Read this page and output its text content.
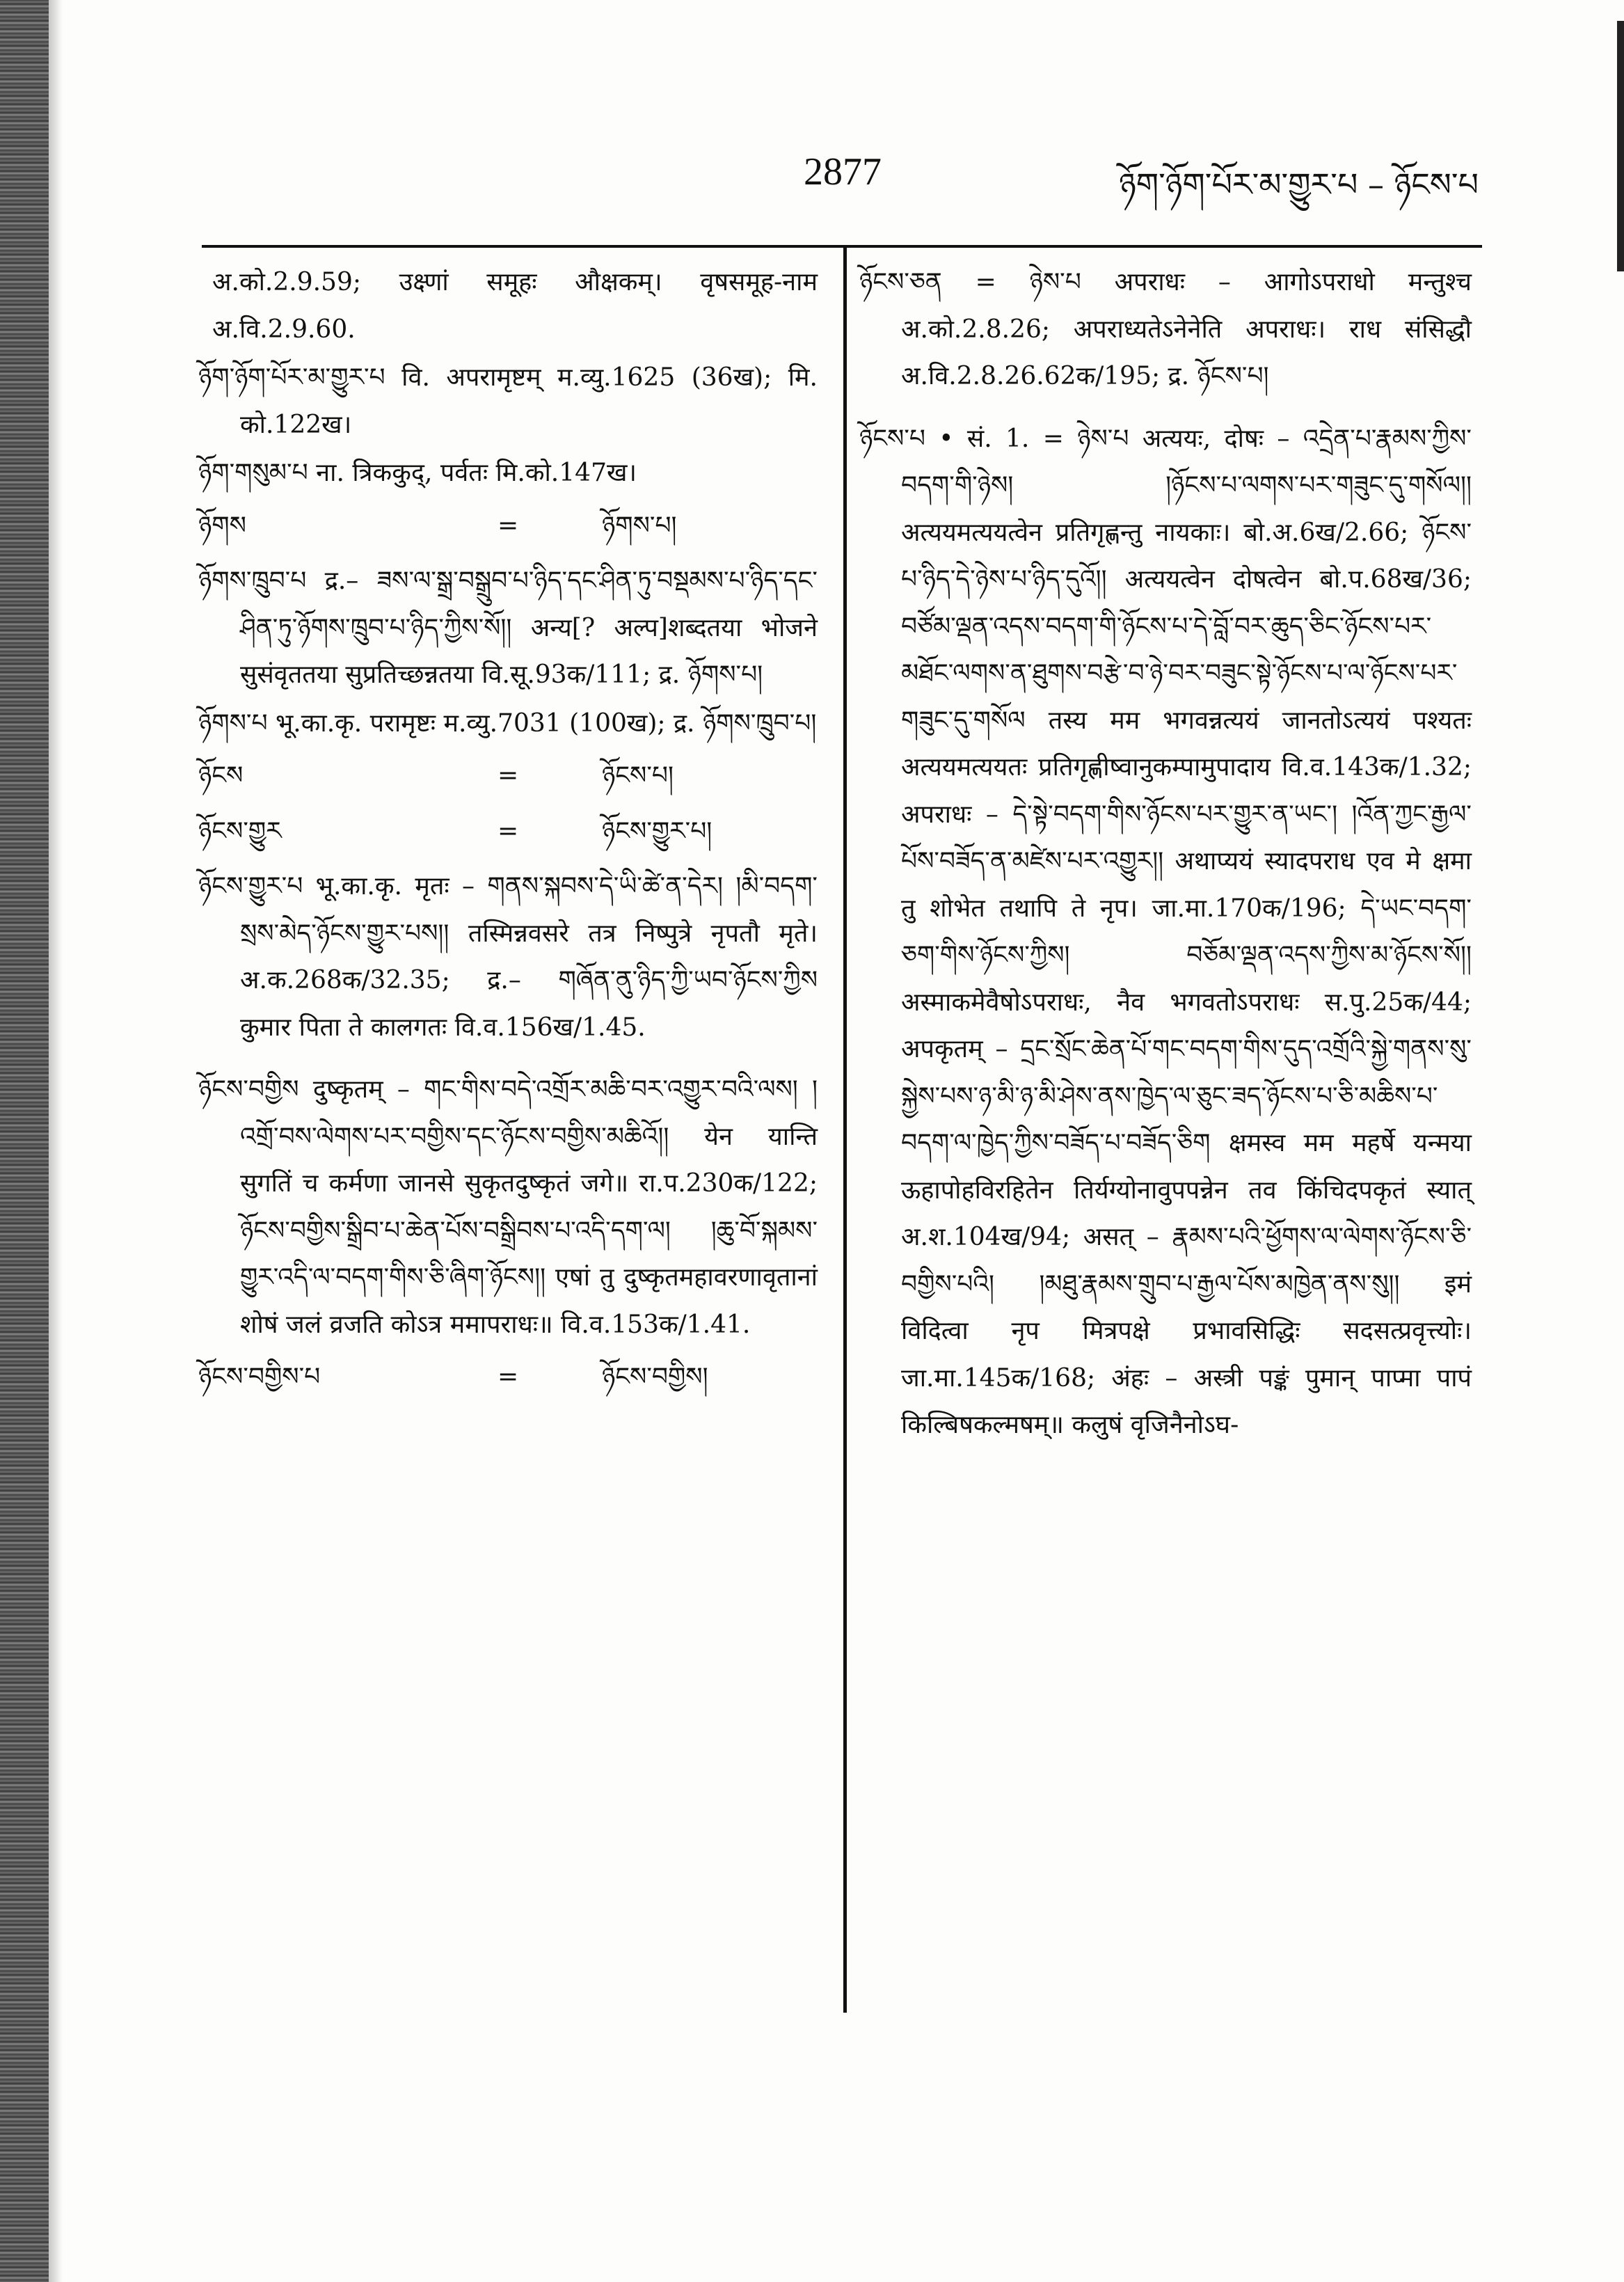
2877	ཉོག་ཉོག་པོར་མ་གྱུར་པ – ཉོངས་པ

अ.को.2.9.59; उक्ष्णां समूहः औक्षकम्। वृषसमूह-नाम अ.वि.2.9.60.

ཉོག་ཉོག་པོར་མ་གྱུར་པ वि. अपरामृष्टम् म.व्यु.1625 (36ख); मि. को.122ख।

ཉོག་གསུམ་པ ना. त्रिककुद्, पर्वतः मि.को.147ख।

ཉོགས	=	ཉོགས་པ།

ཉོགས་ཁྲུབ་པ द्र.– ཟས་ལ་སྒྲ་བསྒྲུབ་པ་ཉིད་དང་ཤིན་ཏུ་བསྡམས་པ་ཉིད་དང་ཤིན་ཏུ་ཉོགས་ཁྲུབ་པ་ཉིད་ཀྱིས་སོ།། अन्य[? अल्प]शब्दतया भोजने सुसंवृततया सुप्रतिच्छन्नतया वि.सू.93क/111; द्र. ཉོགས་པ།

ཉོགས་པ भू.का.कृ. परामृष्टः म.व्यु.7031 (100ख); द्र. ཉོགས་ཁྲུབ་པ།

ཉོངས	=	ཉོངས་པ།
ཉོངས་གྱུར	=	ཉོངས་གྱུར་པ།

ཉོངས་གྱུར་པ भू.का.कृ. मृतः – གནས་སྐབས་དེ་ཡི་ཚེ་ན་དེར། །མི་བདག་སྲས་མེད་ཉོངས་གྱུར་པས།། तस्मिन्नवसरे तत्र निष्पुत्रे नृपतौ मृते। अ.क.268क/32.35; द्र.– གཞོན་ནུ་ཉིད་ཀྱི་ཡབ་ཉོངས་ཀྱིས कुमार पिता ते कालगतः वि.व.156ख/1.45.

ཉོངས་བགྱིས दुष्कृतम् – གང་གིས་བདེ་འགྲོར་མཆི་བར་འགྱུར་བའི་ལས། །འགྲོ་བས་ལེགས་པར་བགྱིས་དང་ཉོངས་བགྱིས་མཆིའོ།། येन यान्ति सुगतिं च कर्मणा जानसे सुकृतदुष्कृतं जगे॥ रा.प.230क/122; ཉོངས་བགྱིས་སྒྲིབ་པ་ཆེན་པོས་བསྒྲིབས་པ་འདི་དག་ལ། །ཆུ་བོ་སྐམས་གྱུར་འདི་ལ་བདག་གིས་ཅི་ཞིག་ཉོངས།། एषां तु दुष्कृतमहावरणावृतानां शोषं जलं व्रजति कोऽत्र ममापराधः॥ वि.व.153क/1.41.

ཉོངས་བགྱིས་པ	=	ཉོངས་བགྱིས།

ཉོངས་ཅན = ཉེས་པ अपराधः – आगोऽपराधो मन्तुश्च अ.को.2.8.26; अपराध्यतेऽनेनेति अपराधः। राध संसिद्धौ अ.वि.2.8.26.62क/195; द्र. ཉོངས་པ།

ཉོངས་པ • सं. 1. = ཉེས་པ अत्ययः, दोषः – འདྲེན་པ་རྣམས་ཀྱིས་བདག་གི་ཉེས། །ཉོངས་པ་ལགས་པར་གཟུང་དུ་གསོལ།། अत्ययमत्ययत्वेन प्रतिगृह्णन्तु नायकाः। बो.अ.6ख/2.66; ཉོངས་པ་ཉིད་དེ་ཉེས་པ་ཉིད་དུའོ།། अत्ययत्वेन दोषत्वेन बो.प.68ख/36; བཙོམ་ལྡན་འདས་བདག་གི་ཉོངས་པ་དེ་བློ་བར་ཆུད་ཅིང་ཉོངས་པར་མཐོང་ལགས་ན་ཐུགས་བརྩེ་བ་ཉེ་བར་བཟུང་སྟེ་ཉོངས་པ་ལ་ཉོངས་པར་གཟུང་དུ་གསོལ तस्य मम भगवन्नत्ययं जानतोऽत्ययं पश्यतः अत्ययमत्ययतः प्रतिगृह्णीष्वानुकम्पामुपादाय वि.व.143क/1.32; अपराधः – དེ་སྟེ་བདག་གིས་ཉོངས་པར་གྱུར་ན་ཡང་། །འོན་ཀྱང་རྒྱལ་པོས་བཟོད་ན་མཛེས་པར་འགྱུར།། अथाप्ययं स्यादपराध एव मे क्षमा तु शोभेत तथापि ते नृप। जा.मा.170क/196; དེ་ཡང་བདག་ཅག་གིས་ཉོངས་ཀྱིས། བཅོམ་ལྡན་འདས་ཀྱིས་མ་ཉོངས་སོ།། अस्माकमेवैषोऽपराधः, नैव भगवतोऽपराधः स.पु.25क/44; अपकृतम् – དྲང་སྲོང་ཆེན་པོ་གང་བདག་གིས་དུད་འགྲོའི་སྐྱེ་གནས་སུ་སྐྱེས་པས་ཉ་མི་ཉ་མི་ཤེས་ནས་ཁྱེད་ལ་ཅུང་ཟད་ཉོངས་པ་ཅི་མཆིས་པ་བདག་ལ་ཁྱེད་ཀྱིས་བཟོད་པ་བཟོད་ཅིག क्षमस्व मम महर्षे यन्मया ऊहापोहविरहितेन तिर्यग्योनावुपपन्नेन तव किंचिदपकृतं स्यात् अ.श.104ख/94; असत् – རྣམས་པའི་ཕྱོགས་ལ་ལེགས་ཉོངས་ཅི་བགྱིས་པའི། །མཐུ་རྣམས་གྲུབ་པ་རྒྱལ་པོས་མཁྱེན་ནས་སུ།། इमं विदित्वा नृप मित्रपक्षे प्रभावसिद्धिः सदसत्प्रवृत्त्योः। जा.मा.145क/168; अंहः – अस्त्री पङ्कं पुमान् पाप्मा पापं किल्बिषकल्मषम्॥ कलुषं वृजिनैनोऽघ-
